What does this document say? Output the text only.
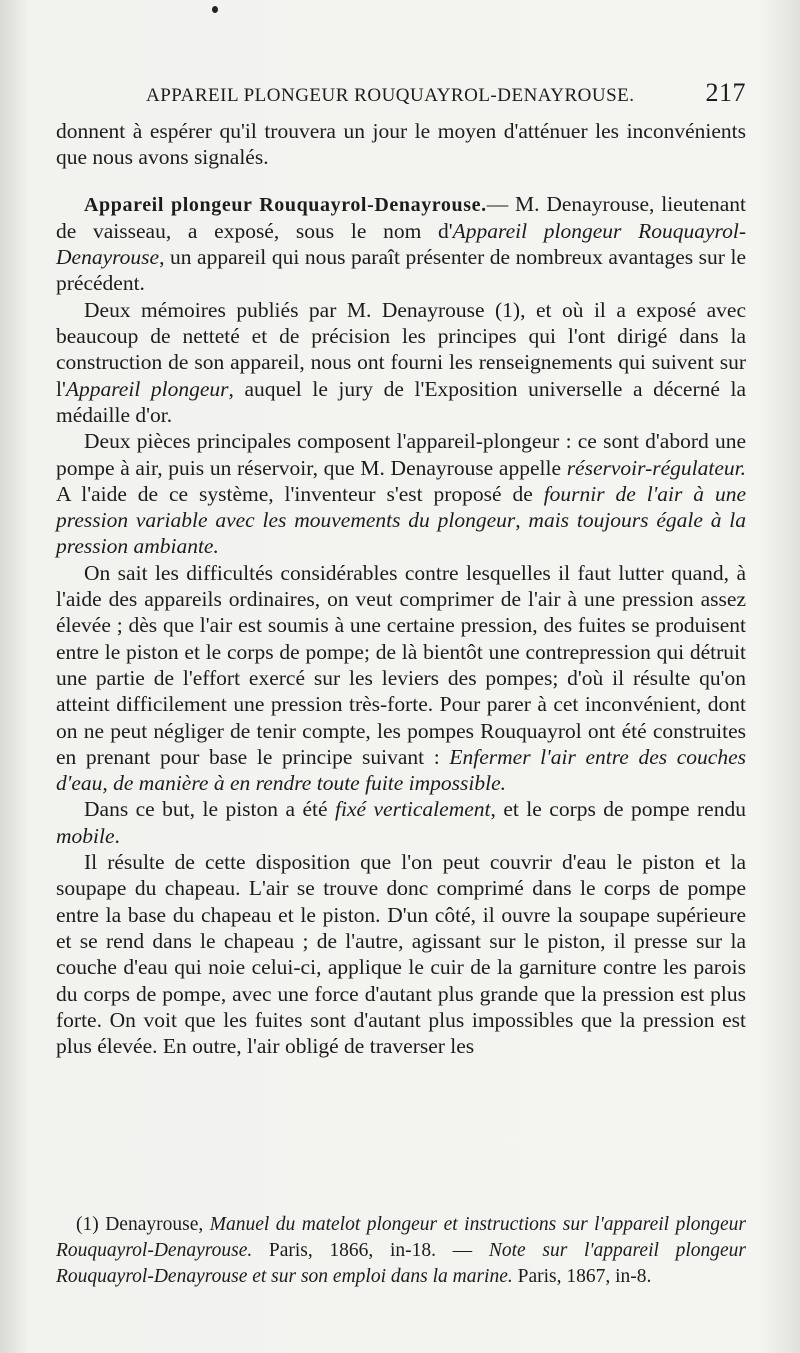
APPAREIL PLONGEUR ROUQUAYROL-DENAYROUSE.	217

donnent à espérer qu'il trouvera un jour le moyen d'atténuer les inconvénients que nous avons signalés.

Appareil plongeur Rouquayrol-Denayrouse.— M. Denayrouse, lieutenant de vaisseau, a exposé, sous le nom d'Appareil plongeur Rouquayrol-Denayrouse, un appareil qui nous paraît présenter de nombreux avantages sur le précédent.

Deux mémoires publiés par M. Denayrouse (1), et où il a exposé avec beaucoup de netteté et de précision les principes qui l'ont dirigé dans la construction de son appareil, nous ont fourni les renseignements qui suivent sur l'Appareil plongeur, auquel le jury de l'Exposition universelle a décerné la médaille d'or.

Deux pièces principales composent l'appareil-plongeur : ce sont d'abord une pompe à air, puis un réservoir, que M. Denayrouse appelle réservoir-régulateur. A l'aide de ce système, l'inventeur s'est proposé de fournir de l'air à une pression variable avec les mouvements du plongeur, mais toujours égale à la pression ambiante.

On sait les difficultés considérables contre lesquelles il faut lutter quand, à l'aide des appareils ordinaires, on veut comprimer de l'air à une pression assez élevée ; dès que l'air est soumis à une certaine pression, des fuites se produisent entre le piston et le corps de pompe; de là bientôt une contrepression qui détruit une partie de l'effort exercé sur les leviers des pompes; d'où il résulte qu'on atteint difficilement une pression très-forte. Pour parer à cet inconvénient, dont on ne peut négliger de tenir compte, les pompes Rouquayrol ont été construites en prenant pour base le principe suivant : Enfermer l'air entre des couches d'eau, de manière à en rendre toute fuite impossible.

Dans ce but, le piston a été fixé verticalement, et le corps de pompe rendu mobile.

Il résulte de cette disposition que l'on peut couvrir d'eau le piston et la soupape du chapeau. L'air se trouve donc comprimé dans le corps de pompe entre la base du chapeau et le piston. D'un côté, il ouvre la soupape supérieure et se rend dans le chapeau ; de l'autre, agissant sur le piston, il presse sur la couche d'eau qui noie celui-ci, applique le cuir de la garniture contre les parois du corps de pompe, avec une force d'autant plus grande que la pression est plus forte. On voit que les fuites sont d'autant plus impossibles que la pression est plus élevée. En outre, l'air obligé de traverser les

(1) Denayrouse, Manuel du matelot plongeur et instructions sur l'appareil plongeur Rouquayrol-Denayrouse. Paris, 1866, in-18. — Note sur l'appareil plongeur Rouquayrol-Denayrouse et sur son emploi dans la marine. Paris, 1867, in-8.
